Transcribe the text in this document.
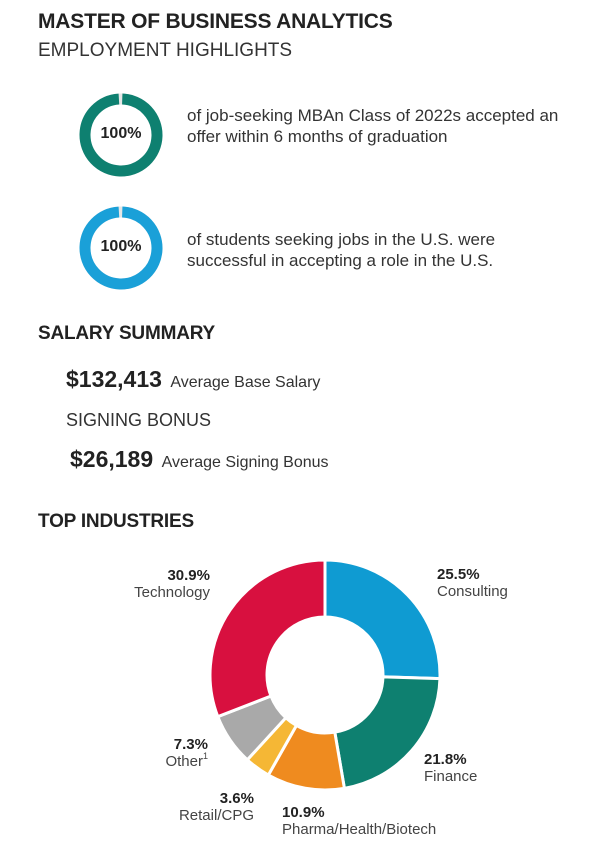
MASTER OF BUSINESS ANALYTICS
EMPLOYMENT HIGHLIGHTS
100%
of job-seeking MBAn Class of 2022s accepted an offer within 6 months of graduation
100%	of students seeking jobs in the U.S. were successful in accepting a role in the U.S.
SALARY SUMMARY
$132,413 Average Base Salary
SIGNING BONUS
$26,189 Average Signing Bonus
TOP INDUSTRIES
25.5%
Consulting
21.8%
Finance
10.9%
Pharma/Health/Biotech
3.6%
Retail/CPG
7.3%
Other$^1$
30.9%
Technology
